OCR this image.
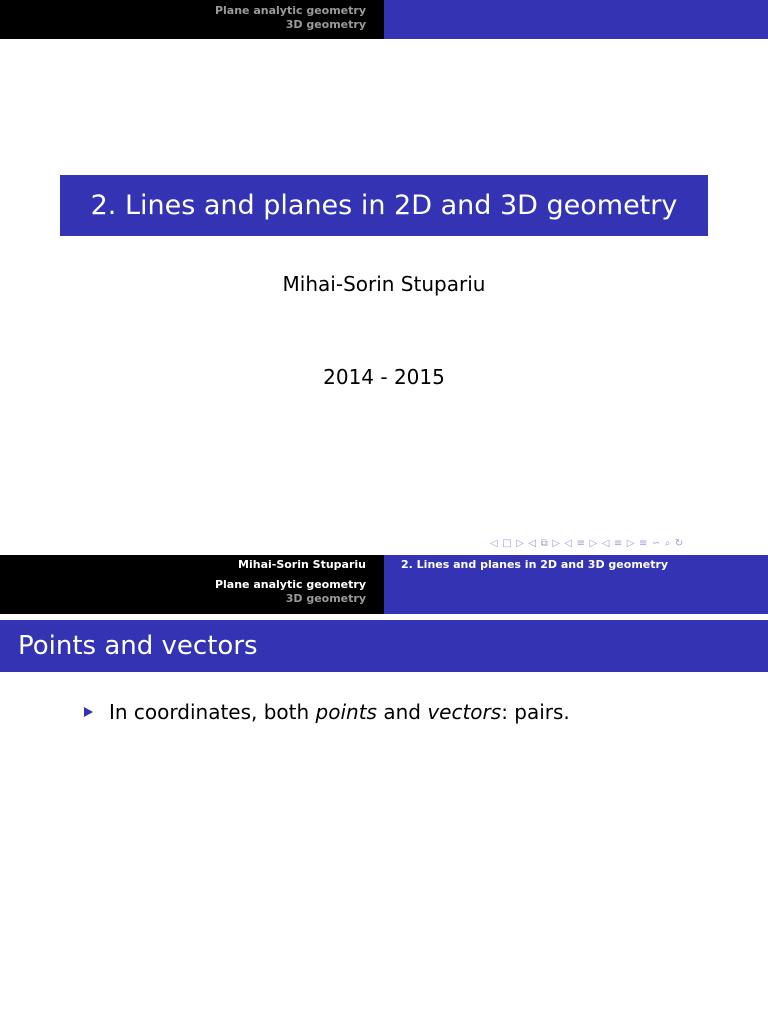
Plane analytic geometry
3D geometry
2. Lines and planes in 2D and 3D geometry
Mihai-Sorin Stupariu
2014 - 2015
◁ □ ▷ ◁ ⧉ ▷ ◁ ≡ ▷ ◁ ≡ ▷ ≡ ∽ ⌕ ↻
Mihai-Sorin Stupariu
Plane analytic geometry
3D geometry
2. Lines and planes in 2D and 3D geometry
Points and vectors
In coordinates, both points and vectors: pairs.
